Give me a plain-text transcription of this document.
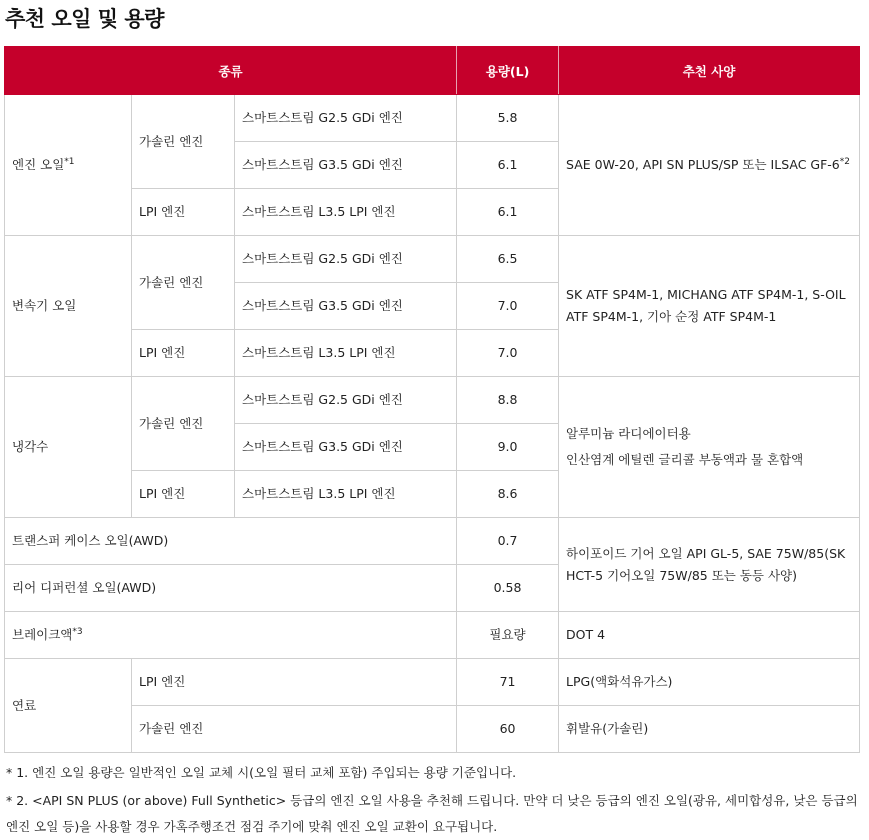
추천 오일 및 용량
종류			용량(L)	추천 사양
엔진 오일$^{*1}$	가솔린 엔진	스마트스트림 G2.5 GDi 엔진	5.8	SAE 0W-20, API SN PLUS/SP 또는 ILSAC GF-6$^{*2}$
		스마트스트림 G3.5 GDi 엔진	6.1	
	LPI 엔진	스마트스트림 L3.5 LPI 엔진	6.1	
변속기 오일	가솔린 엔진	스마트스트림 G2.5 GDi 엔진	6.5	SK ATF SP4M-1, MICHANG ATF SP4M-1, S-OIL ATF SP4M-1, 기아 순정 ATF SP4M-1
		스마트스트림 G3.5 GDi 엔진	7.0	
	LPI 엔진	스마트스트림 L3.5 LPI 엔진	7.0	
냉각수	가솔린 엔진	스마트스트림 G2.5 GDi 엔진	8.8	알루미늄 라디에이터용
인산염계 에틸렌 글리콜 부동액과 물 혼합액

		스마트스트림 G3.5 GDi 엔진	9.0	
	LPI 엔진	스마트스트림 L3.5 LPI 엔진	8.6	
트랜스퍼 케이스 오일(AWD)			0.7	하이포이드 기어 오일 API GL-5, SAE 75W/85(SK HCT-5 기어오일 75W/85 또는 동등 사양)
리어 디퍼런셜 오일(AWD)			0.58	
브레이크액$^{*3}$			필요량	DOT 4
연료	LPI 엔진		71	LPG(액화석유가스)
	가솔린 엔진		60	휘발유(가솔린)

* 1. 엔진 오일 용량은 일반적인 오일 교체 시(오일 필터 교체 포함) 주입되는 용량 기준입니다.

* 2. <API SN PLUS (or above) Full Synthetic> 등급의 엔진 오일 사용을 추천해 드립니다. 만약 더 낮은 등급의 엔진 오일(광유, 세미합성유, 낮은 등급의 엔진 오일 등)을 사용할 경우 가혹주행조건 점검 주기에 맞춰 엔진 오일 교환이 요구됩니다.
